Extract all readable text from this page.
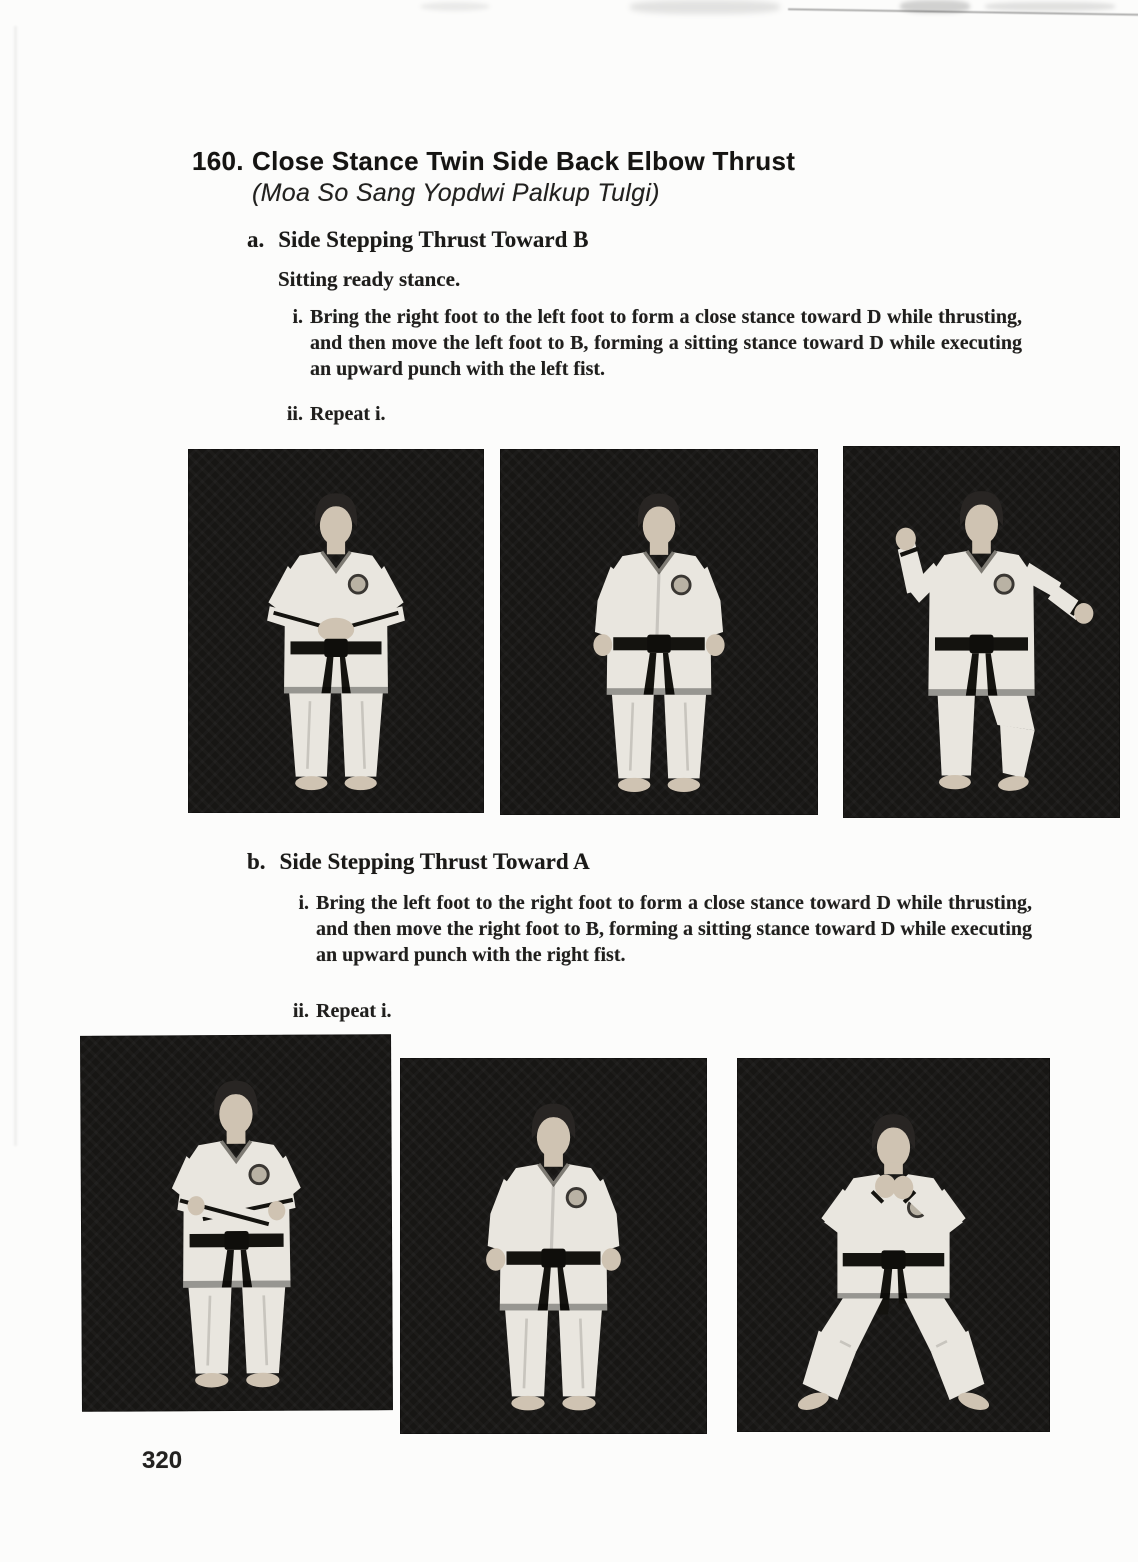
160. Close Stance Twin Side Back Elbow Thrust
(Moa So Sang Yopdwi Palkup Tulgi)
a. Side Stepping Thrust Toward B
Sitting ready stance.
i. Bring the right foot to the left foot to form a close stance toward D while thrusting, and then move the left foot to B, forming a sitting stance toward D while executing an upward punch with the left fist.

ii. Repeat i.

b. Side Stepping Thrust Toward A
i. Bring the left foot to the right foot to form a close stance toward D while thrusting, and then move the right foot to B, forming a sitting stance toward D while executing an upward punch with the right fist.

ii. Repeat i.

320
